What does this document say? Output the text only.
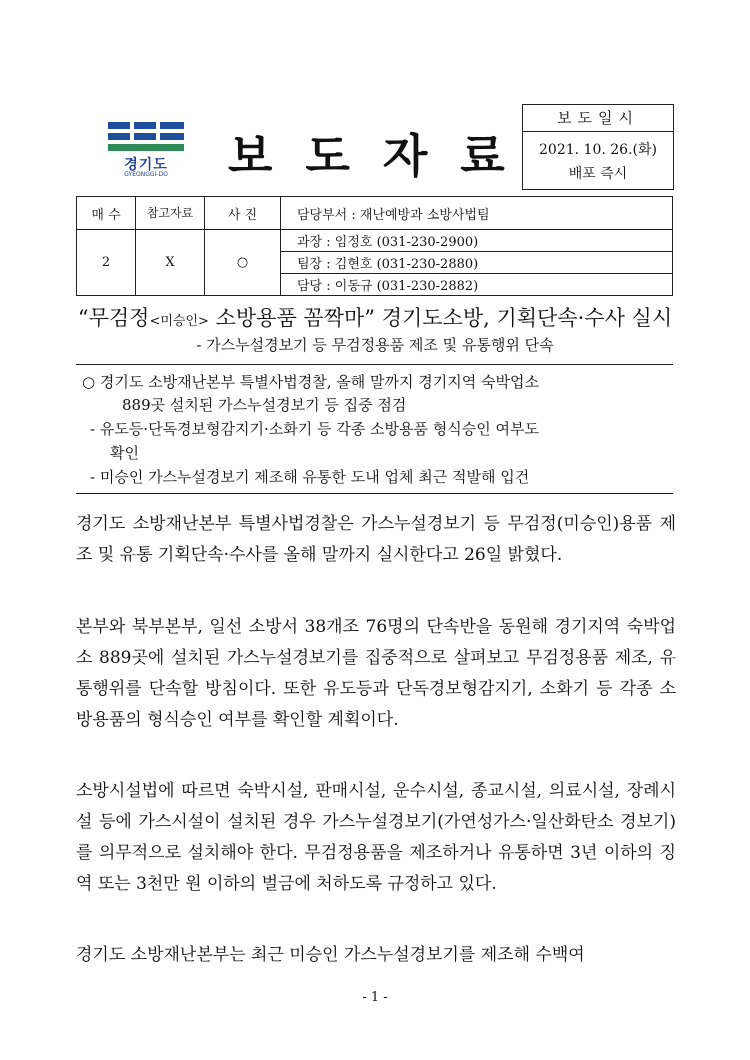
경기도
GYEONGGI-DO	보도자료
보도일시
2021. 10. 26.(화)
배포 즉시
매 수	참고자료	사 진	담당부서 : 재난예방과 소방사법팀
2	X	○	과장 : 임정호 (031-230-2900)
			팀장 : 김현호 (031-230-2880)
			담당 : 이동규 (031-230-2882)
“무검정<미승인> 소방용품 꼼짝마” 경기도소방, 기획단속·수사 실시
- 가스누설경보기 등 무검정용품 제조 및 유통행위 단속
○ 경기도 소방재난본부 특별사법경찰, 올해 말까지 경기지역 숙박업소
889곳 설치된 가스누설경보기 등 집중 점검
- 유도등·단독경보형감지기·소화기 등 각종 소방용품 형식승인 여부도
확인
- 미승인 가스누설경보기 제조해 유통한 도내 업체 최근 적발해 입건
경기도 소방재난본부 특별사법경찰은 가스누설경보기 등 무검정(미승인)용품 제조 및 유통 기획단속·수사를 올해 말까지 실시한다고 26일 밝혔다.
본부와 북부본부, 일선 소방서 38개조 76명의 단속반을 동원해 경기지역 숙박업소 889곳에 설치된 가스누설경보기를 집중적으로 살펴보고 무검정용품 제조, 유통행위를 단속할 방침이다. 또한 유도등과 단독경보형감지기, 소화기 등 각종 소방용품의 형식승인 여부를 확인할 계획이다.
소방시설법에 따르면 숙박시설, 판매시설, 운수시설, 종교시설, 의료시설, 장례시설 등에 가스시설이 설치된 경우 가스누설경보기(가연성가스·일산화탄소 경보기)를 의무적으로 설치해야 한다. 무검정용품을 제조하거나 유통하면 3년 이하의 징역 또는 3천만 원 이하의 벌금에 처하도록 규정하고 있다.
경기도 소방재난본부는 최근 미승인 가스누설경보기를 제조해 수백여
- 1 -
